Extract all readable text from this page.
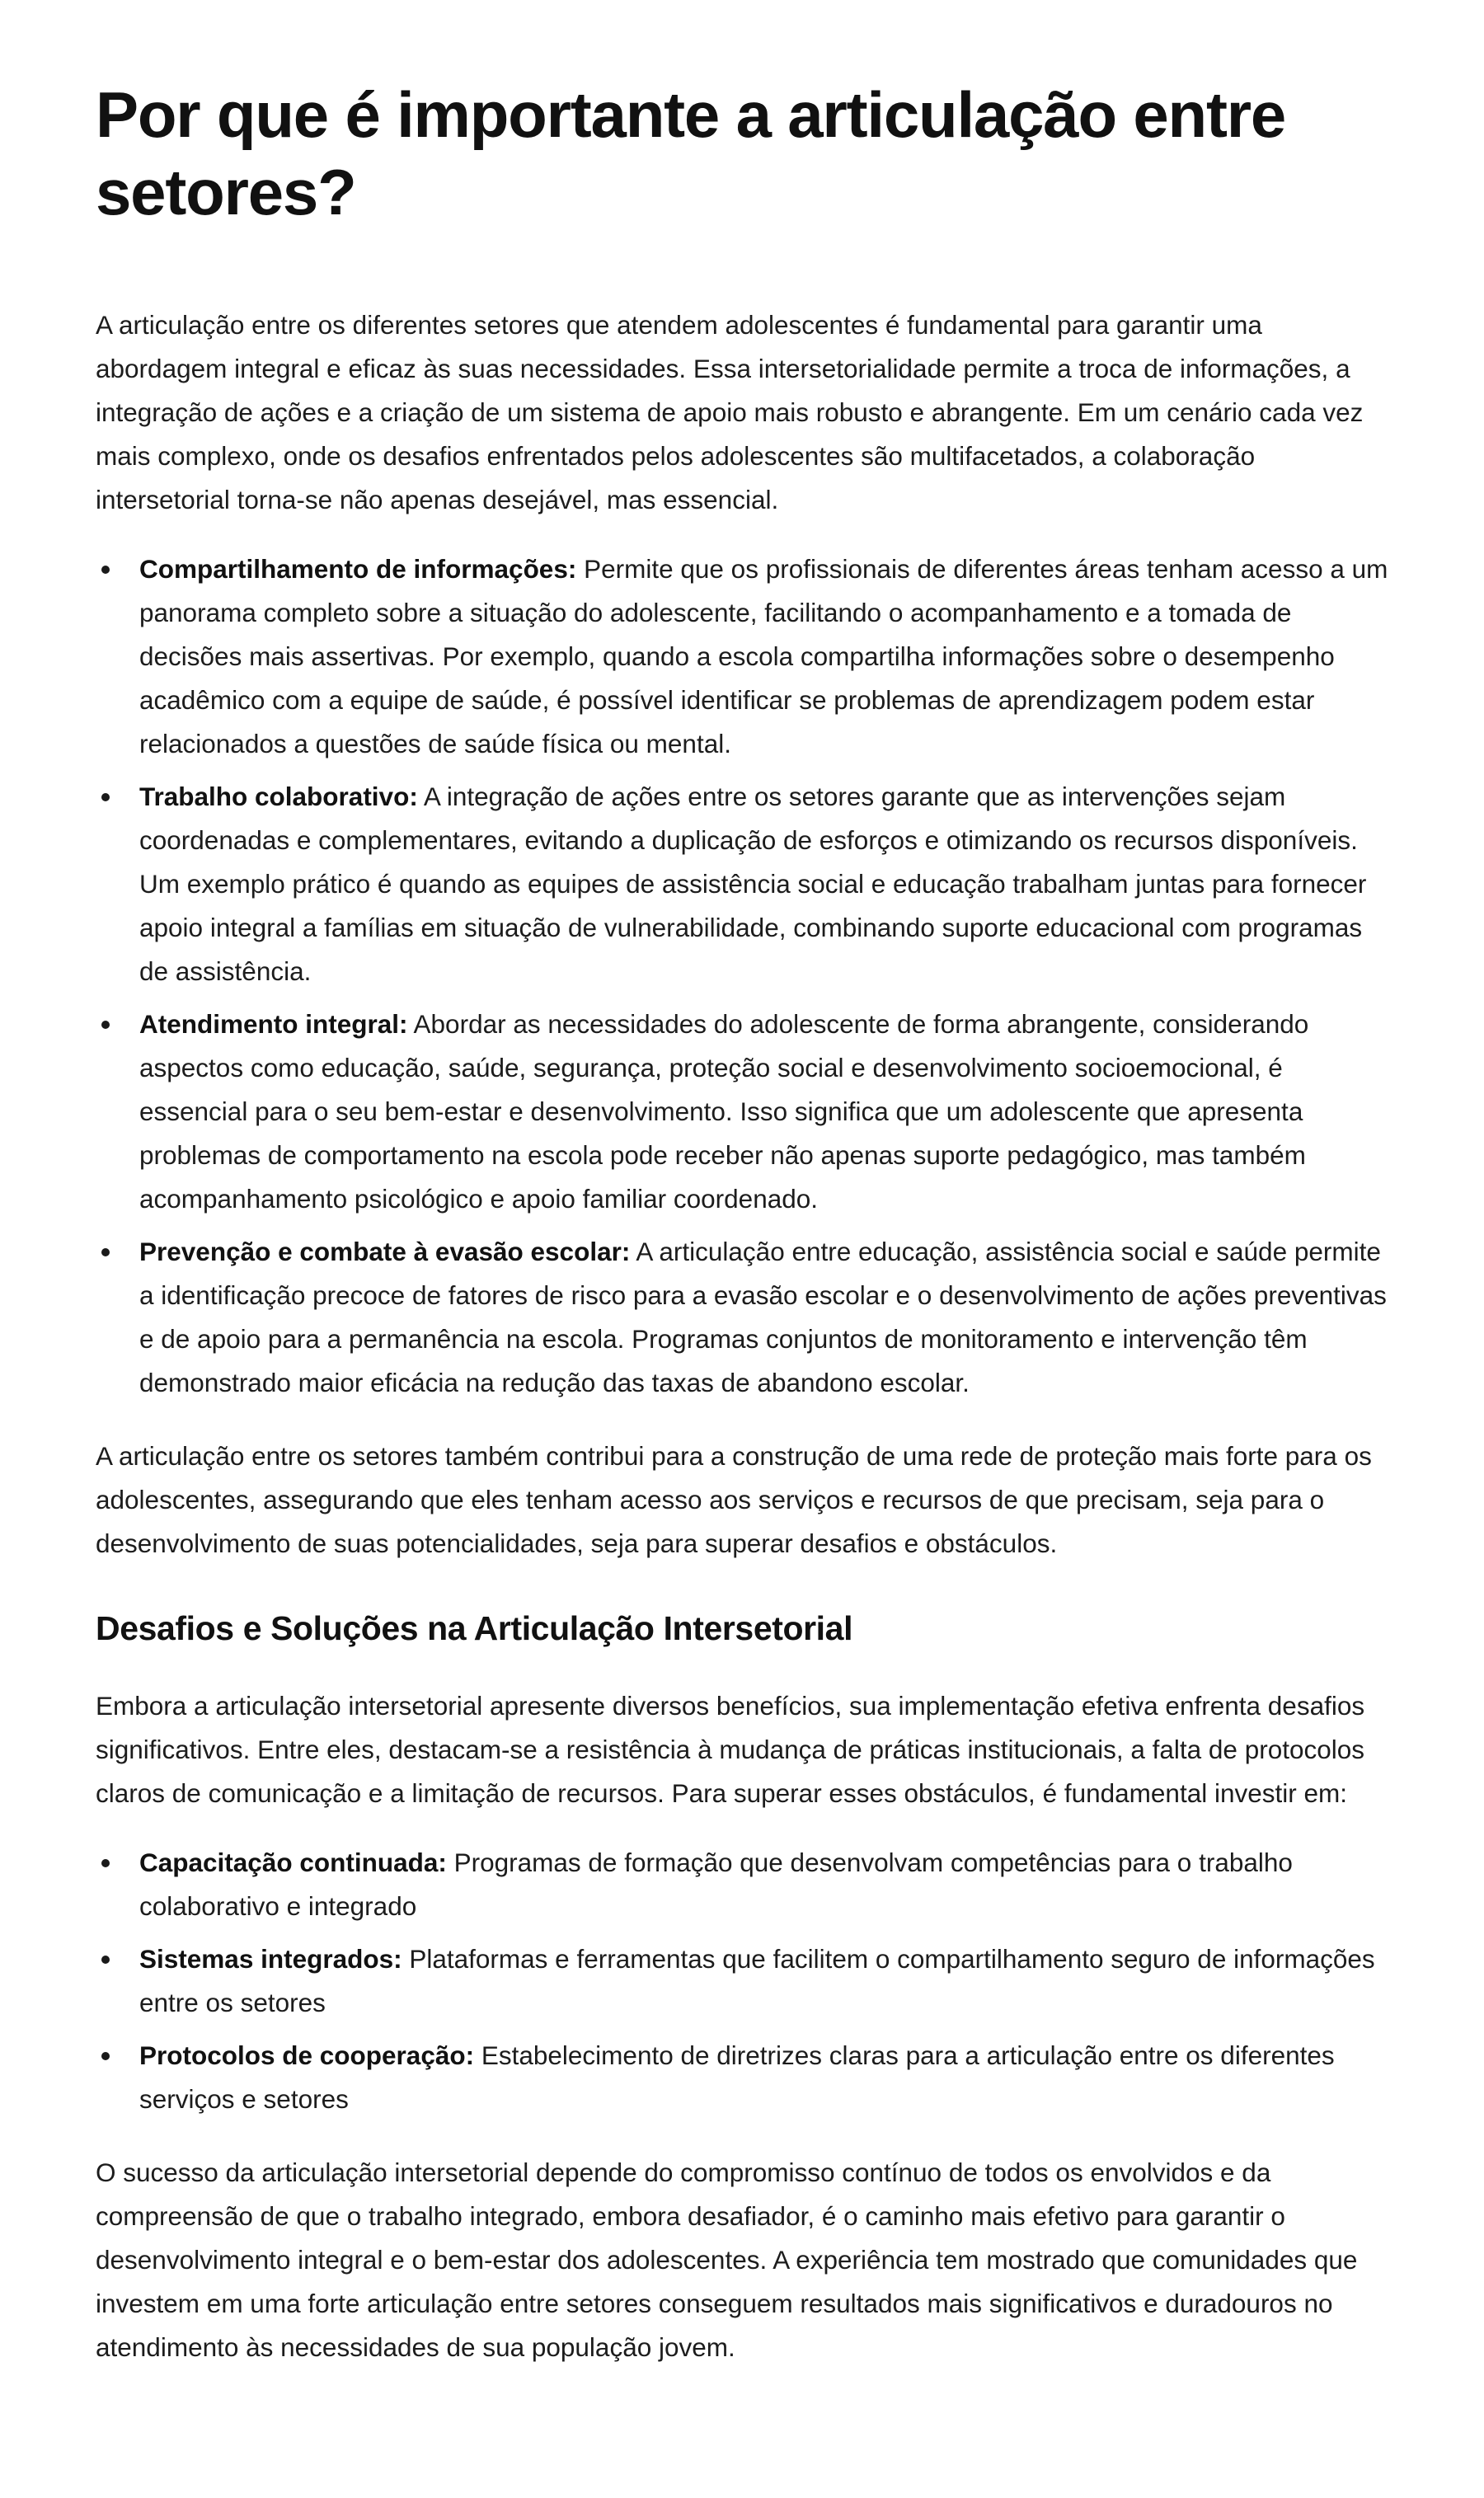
Por que é importante a articulação entre setores?

A articulação entre os diferentes setores que atendem adolescentes é fundamental para garantir uma abordagem integral e eficaz às suas necessidades. Essa intersetorialidade permite a troca de informações, a integração de ações e a criação de um sistema de apoio mais robusto e abrangente. Em um cenário cada vez mais complexo, onde os desafios enfrentados pelos adolescentes são multifacetados, a colaboração intersetorial torna-se não apenas desejável, mas essencial.

Compartilhamento de informações: Permite que os profissionais de diferentes áreas tenham acesso a um panorama completo sobre a situação do adolescente, facilitando o acompanhamento e a tomada de decisões mais assertivas. Por exemplo, quando a escola compartilha informações sobre o desempenho acadêmico com a equipe de saúde, é possível identificar se problemas de aprendizagem podem estar relacionados a questões de saúde física ou mental.
Trabalho colaborativo: A integração de ações entre os setores garante que as intervenções sejam coordenadas e complementares, evitando a duplicação de esforços e otimizando os recursos disponíveis. Um exemplo prático é quando as equipes de assistência social e educação trabalham juntas para fornecer apoio integral a famílias em situação de vulnerabilidade, combinando suporte educacional com programas de assistência.
Atendimento integral: Abordar as necessidades do adolescente de forma abrangente, considerando aspectos como educação, saúde, segurança, proteção social e desenvolvimento socioemocional, é essencial para o seu bem-estar e desenvolvimento. Isso significa que um adolescente que apresenta problemas de comportamento na escola pode receber não apenas suporte pedagógico, mas também acompanhamento psicológico e apoio familiar coordenado.
Prevenção e combate à evasão escolar: A articulação entre educação, assistência social e saúde permite a identificação precoce de fatores de risco para a evasão escolar e o desenvolvimento de ações preventivas e de apoio para a permanência na escola. Programas conjuntos de monitoramento e intervenção têm demonstrado maior eficácia na redução das taxas de abandono escolar.

A articulação entre os setores também contribui para a construção de uma rede de proteção mais forte para os adolescentes, assegurando que eles tenham acesso aos serviços e recursos de que precisam, seja para o desenvolvimento de suas potencialidades, seja para superar desafios e obstáculos.

Desafios e Soluções na Articulação Intersetorial

Embora a articulação intersetorial apresente diversos benefícios, sua implementação efetiva enfrenta desafios significativos. Entre eles, destacam-se a resistência à mudança de práticas institucionais, a falta de protocolos claros de comunicação e a limitação de recursos. Para superar esses obstáculos, é fundamental investir em:

Capacitação continuada: Programas de formação que desenvolvam competências para o trabalho colaborativo e integrado
Sistemas integrados: Plataformas e ferramentas que facilitem o compartilhamento seguro de informações entre os setores
Protocolos de cooperação: Estabelecimento de diretrizes claras para a articulação entre os diferentes serviços e setores

O sucesso da articulação intersetorial depende do compromisso contínuo de todos os envolvidos e da compreensão de que o trabalho integrado, embora desafiador, é o caminho mais efetivo para garantir o desenvolvimento integral e o bem-estar dos adolescentes. A experiência tem mostrado que comunidades que investem em uma forte articulação entre setores conseguem resultados mais significativos e duradouros no atendimento às necessidades de sua população jovem.
